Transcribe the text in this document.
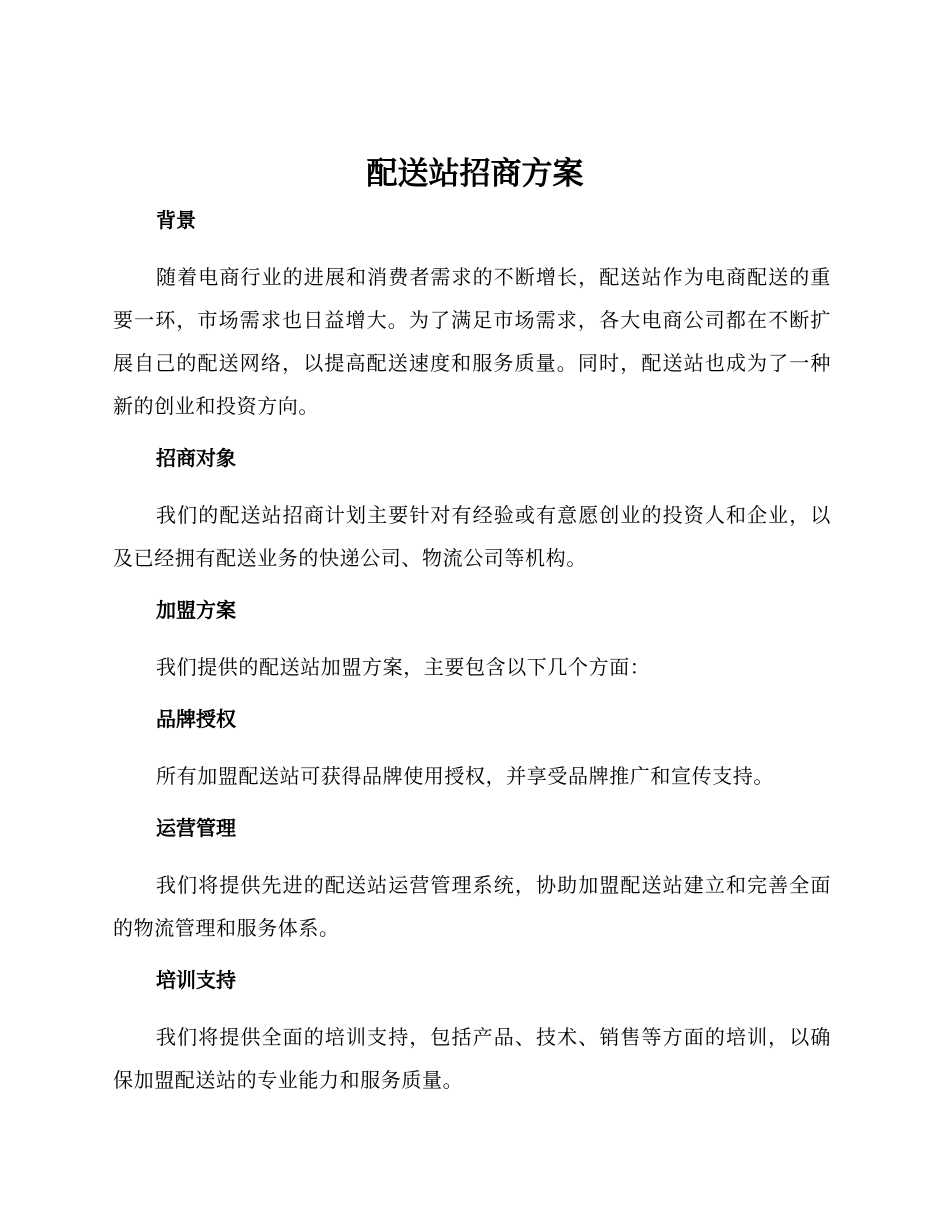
配送站招商方案
背景

随着电商行业的进展和消费者需求的不断增长，配送站作为电商配送的重要一环，市场需求也日益增大。为了满足市场需求，各大电商公司都在不断扩展自己的配送网络，以提高配送速度和服务质量。同时，配送站也成为了一种新的创业和投资方向。

招商对象

我们的配送站招商计划主要针对有经验或有意愿创业的投资人和企业，以及已经拥有配送业务的快递公司、物流公司等机构。

加盟方案

我们提供的配送站加盟方案，主要包含以下几个方面：

品牌授权

所有加盟配送站可获得品牌使用授权，并享受品牌推广和宣传支持。

运营管理

我们将提供先进的配送站运营管理系统，协助加盟配送站建立和完善全面的物流管理和服务体系。

培训支持

我们将提供全面的培训支持，包括产品、技术、销售等方面的培训，以确保加盟配送站的专业能力和服务质量。
